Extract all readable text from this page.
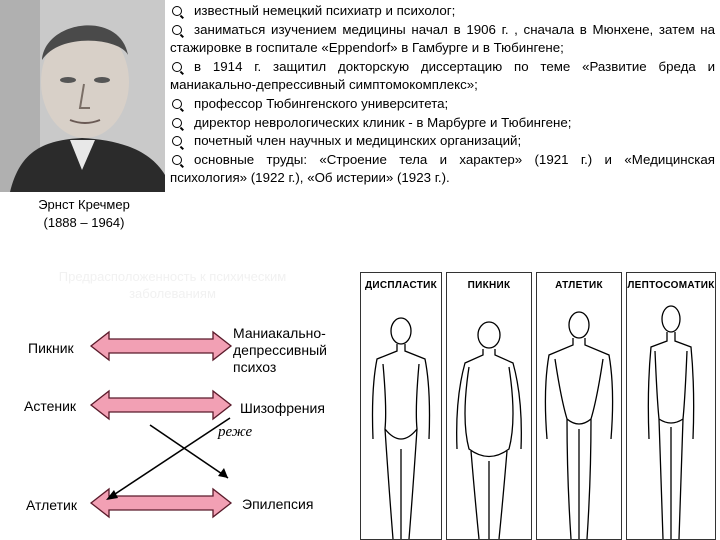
Эрнст Кречмер
(1888 – 1964)

известный немецкий психиатр и психолог;

заниматься изучением медицины начал в 1906 г. , сначала в Мюнхене, затем на стажировке в госпитале «Eppendorf» в Гамбурге и в Тюбингене;

в 1914 г. защитил докторскую диссертацию по теме «Развитие бреда и маниакально-депрессивный симптомокомплекс»;

профессор Тюбингенского университета;

директор неврологических клиник - в Марбурге и Тюбингене;

почетный член научных и медицинских организаций;

основные труды: «Строение тела и характер» (1921 г.) и «Медицинская психология» (1922 г.), «Об истерии» (1923 г.).

Предрасположенность к психическим заболеваниям
Пикник
Астеник
Атлетик
Маниакально-депрессивный психоз
Шизофрения
Эпилепсия
реже
ДИСПЛАСТИК	ПИКНИК	АТЛЕТИК	ЛЕПТОСОМАТИК
